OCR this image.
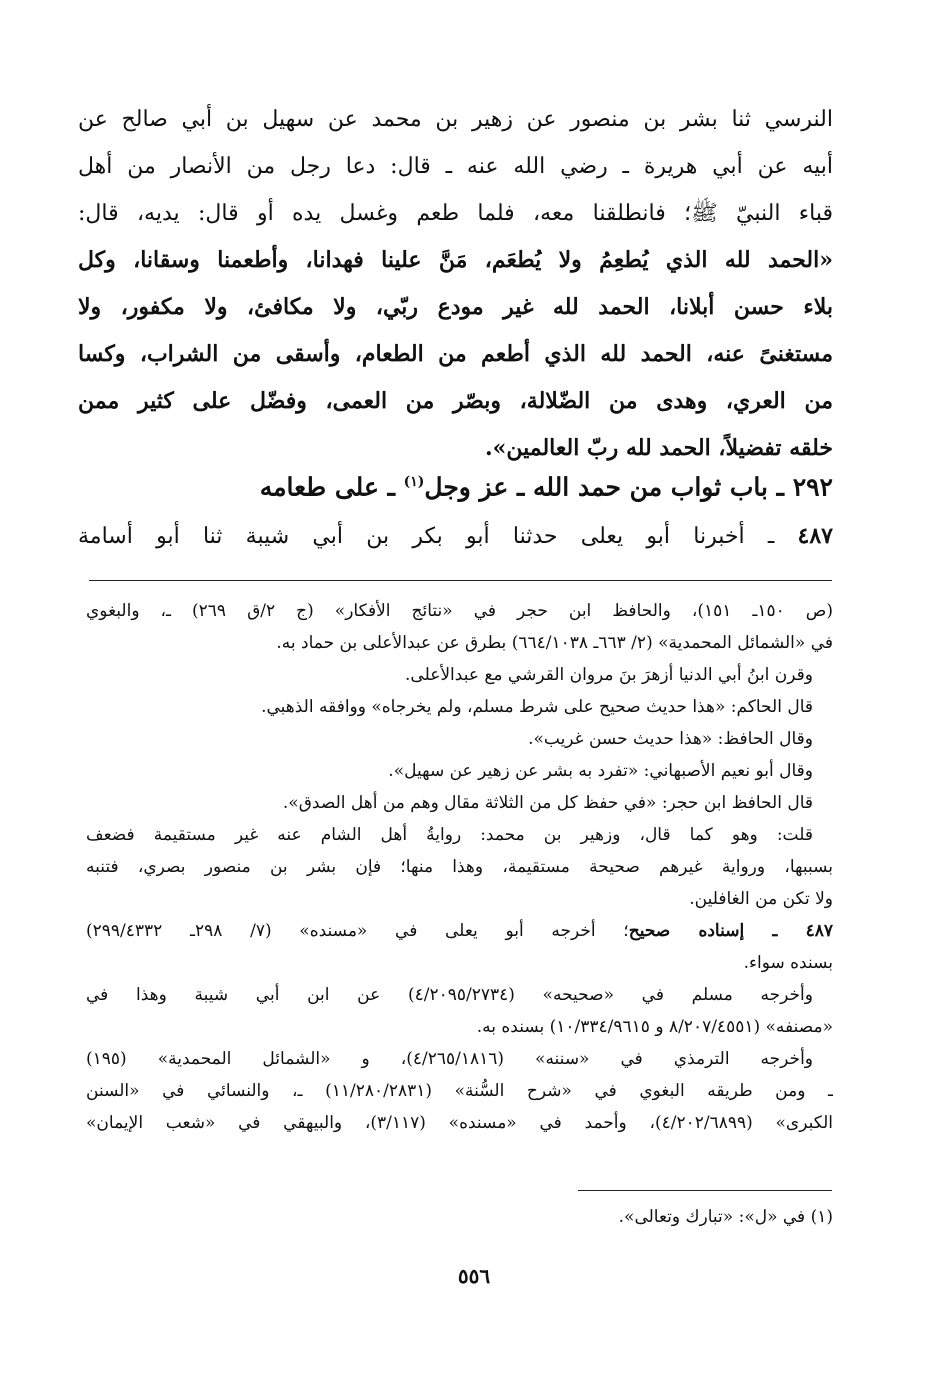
النرسي ثنا بشر بن منصور عن زهير بن محمد عن سهيل بن أبي صالح عن
أبيه عن أبي هريرة ـ رضي الله عنه ـ قال: دعا رجل من الأنصار من أهل
قباء النبيّ ﷺ؛ فانطلقنا معه، فلما طعم وغسل يده أو قال: يديه، قال:
«الحمد لله الذي يُطعِمُ ولا يُطعَم، مَنَّ علينا فهدانا، وأطعمنا وسقانا، وكل
بلاء حسن أبلانا، الحمد لله غير مودع ربّي، ولا مكافئ، ولا مكفور، ولا
مستغنىً عنه، الحمد لله الذي أطعم من الطعام، وأسقى من الشراب، وكسا
من العري، وهدى من الضّلالة، وبصّر من العمى، وفضّل على كثير ممن
خلقه تفضيلاً، الحمد لله ربّ العالمين».
٢٩٢ ـ باب ثواب من حمد الله ـ عز وجل$^{(١)}$ ـ على طعامه
٤٨٧ ـ أخبرنا أبو يعلى حدثنا أبو بكر بن أبي شيبة ثنا أبو أسامة
(ص ١٥٠ـ ١٥١)، والحافظ ابن حجر في «نتائج الأفكار» (ج ٢/ق ٢٦٩) ـ، والبغوي
في «الشمائل المحمدية» (٢/ ٦٦٣ـ ٦٦٤/١٠٣٨) بطرق عن عبدالأعلى بن حماد به.
وقرن ابنُ أبي الدنيا أزهرَ بنَ مروان القرشي مع عبدالأعلى.
قال الحاكم: «هذا حديث صحيح على شرط مسلم، ولم يخرجاه» ووافقه الذهبي.
وقال الحافظ: «هذا حديث حسن غريب».
وقال أبو نعيم الأصبهاني: «تفرد به بشر عن زهير عن سهيل».
قال الحافظ ابن حجر: «في حفظ كل من الثلاثة مقال وهم من أهل الصدق».
قلت: وهو كما قال، وزهير بن محمد: روايةُ أهل الشام عنه غير مستقيمة فضعف
بسببها، ورواية غيرهم صحيحة مستقيمة، وهذا منها؛ فإن بشر بن منصور بصري، فتنبه
ولا تكن من الغافلين.
٤٨٧ ـ إسناده صحيح؛ أخرجه أبو يعلى في «مسنده» (٧/ ٢٩٨ـ ٢٩٩/٤٣٣٢)
بسنده سواء.
وأخرجه مسلم في «صحيحه» (٤/٢٠٩٥/٢٧٣٤) عن ابن أبي شيبة وهذا في
«مصنفه» (٨/٢٠٧/٤٥٥١ و ١٠/٣٣٤/٩٦١٥) بسنده به.
وأخرجه الترمذي في «سننه» (٤/٢٦٥/١٨١٦)، و «الشمائل المحمدية» (١٩٥)
ـ ومن طريقه البغوي في «شرح السُّنة» (١١/٢٨٠/٢٨٣١) ـ، والنسائي في «السنن
الكبرى» (٤/٢٠٢/٦٨٩٩)، وأحمد في «مسنده» (٣/١١٧)، والبيهقي في «شعب الإيمان»
(١) في «ل»: «تبارك وتعالى».
٥٥٦
